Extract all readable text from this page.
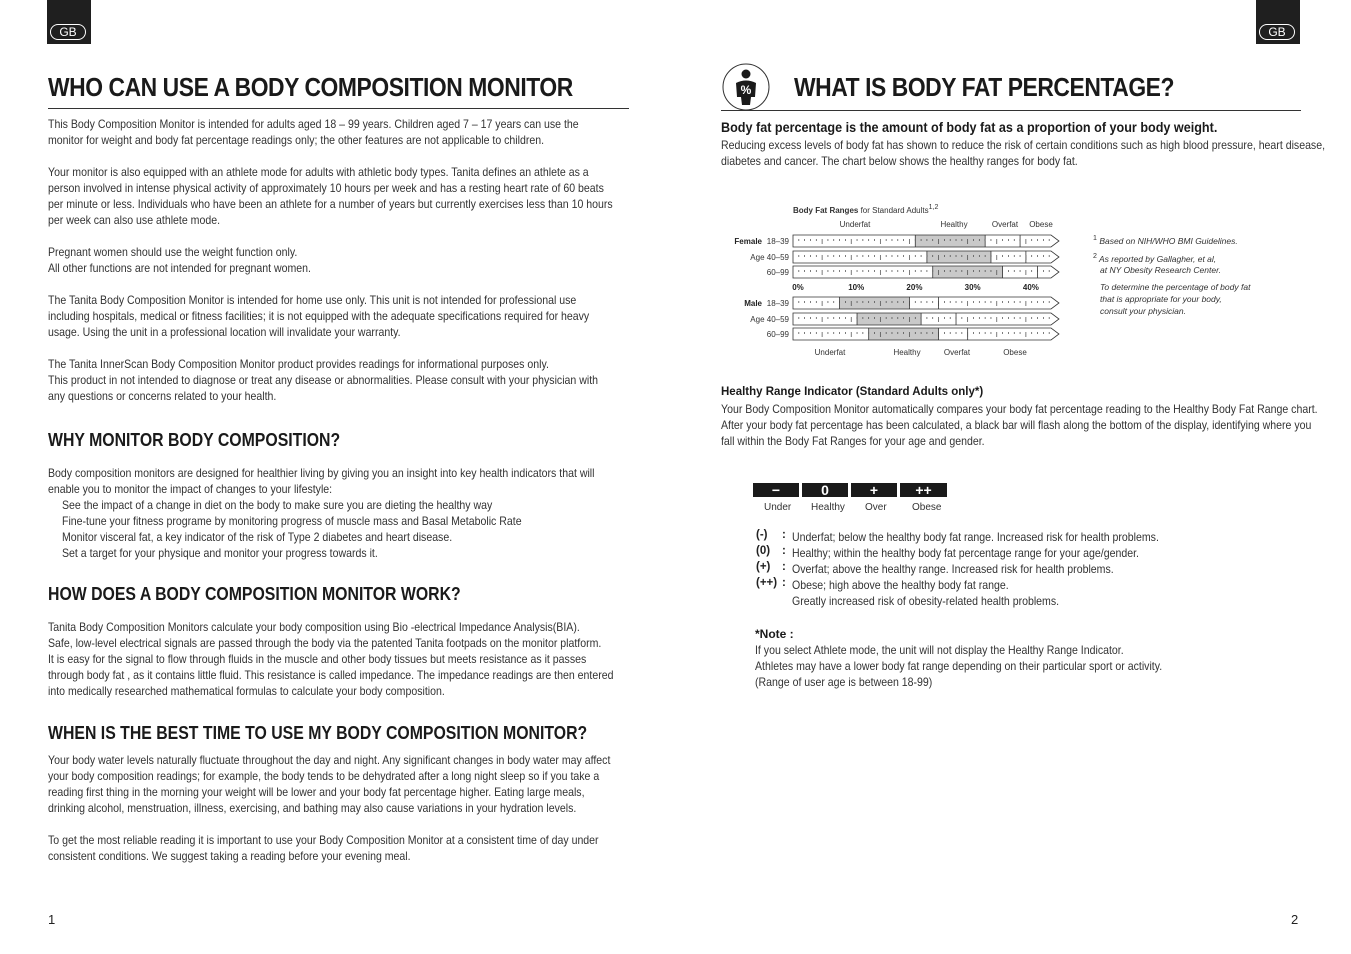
GB	GB
WHO CAN USE A BODY COMPOSITION MONITOR
This Body Composition Monitor is intended for adults aged 18 – 99 years. Children aged 7 – 17 years can use the
monitor for weight and body fat percentage readings only; the other features are not applicable to children.
Your monitor is also equipped with an athlete mode for adults with athletic body types. Tanita defines an athlete as a
person involved in intense physical activity of approximately 10 hours per week and has a resting heart rate of 60 beats
per minute or less. Individuals who have been an athlete for a number of years but currently exercises less than 10 hours
per week can also use athlete mode.
Pregnant women should use the weight function only.
All other functions are not intended for pregnant women.
The Tanita Body Composition Monitor is intended for home use only. This unit is not intended for professional use
including hospitals, medical or fitness facilities; it is not equipped with the adequate specifications required for heavy
usage. Using the unit in a professional location will invalidate your warranty.
The Tanita InnerScan Body Composition Monitor product provides readings for informational purposes only.
This product in not intended to diagnose or treat any disease or abnormalities. Please consult with your physician with
any questions or concerns related to your health.
WHY MONITOR BODY COMPOSITION?
Body composition monitors are designed for healthier living by giving you an insight into key health indicators that will
enable you to monitor the impact of changes to your lifestyle:
See the impact of a change in diet on the body to make sure you are dieting the healthy way
Fine-tune your fitness programe by monitoring progress of muscle mass and Basal Metabolic Rate
Monitor visceral fat, a key indicator of the risk of Type 2 diabetes and heart disease.
Set a target for your physique and monitor your progress towards it.
HOW DOES A BODY COMPOSITION MONITOR WORK?
Tanita Body Composition Monitors calculate your body composition using Bio -electrical Impedance Analysis(BIA).
Safe, low-level electrical signals are passed through the body via the patented Tanita footpads on the monitor platform.
It is easy for the signal to flow through fluids in the muscle and other body tissues but meets resistance as it passes
through body fat , as it contains little fluid. This resistance is called impedance. The impedance readings are then entered
into medically researched mathematical formulas to calculate your body composition.
WHEN IS THE BEST TIME TO USE MY BODY COMPOSITION MONITOR?
Your body water levels naturally fluctuate throughout the day and night. Any significant changes in body water may affect
your body composition readings; for example, the body tends to be dehydrated after a long night sleep so if you take a
reading first thing in the morning your weight will be lower and your body fat percentage higher. Eating large meals,
drinking alcohol, menstruation, illness, exercising, and bathing may also cause variations in your hydration levels.
To get the most reliable reading it is important to use your Body Composition Monitor at a consistent time of day under
consistent conditions. We suggest taking a reading before your evening meal.
1
% WHAT IS BODY FAT PERCENTAGE?
Body fat percentage is the amount of body fat as a proportion of your body weight.
Reducing excess levels of body fat has shown to reduce the risk of certain conditions such as high blood pressure, heart disease,
diabetes and cancer. The chart below shows the healthy ranges for body fat.
Body Fat Ranges for Standard Adults1,2
Underfat	Healthy	Overfat Obese
Underfat	Healthy	Overfat	Obese
Female 18–39
Age 40–59
60–99
Male 18–39
Age 40–59
60–99
0%	10%	20%	30%	40%
$^1$ Based on NIH/WHO BMI Guidelines.
$^2$ As reported by Gallagher, et al,
at NY Obesity Research Center.
To determine the percentage of body fat
that is appropriate for your body,
consult your physician.
Healthy Range Indicator (Standard Adults only*)
Your Body Composition Monitor automatically compares your body fat percentage reading to the Healthy Body Fat Range chart.
After your body fat percentage has been calculated, a black bar will flash along the bottom of the display, identifying where you
fall within the Body Fat Ranges for your age and gender.
−	0	+	++
Under Healthy Over	Obese
(-) : Underfat; below the healthy body fat range. Increased risk for health problems.
(0) : Healthy; within the healthy body fat percentage range for your age/gender.
(+) : Overfat; above the healthy range. Increased risk for health problems.
(++) : Obese; high above the healthy body fat range.
Greatly increased risk of obesity-related health problems.
*Note :
If you select Athlete mode, the unit will not display the Healthy Range Indicator.
Athletes may have a lower body fat range depending on their particular sport or activity.
(Range of user age is between 18-99)
2
